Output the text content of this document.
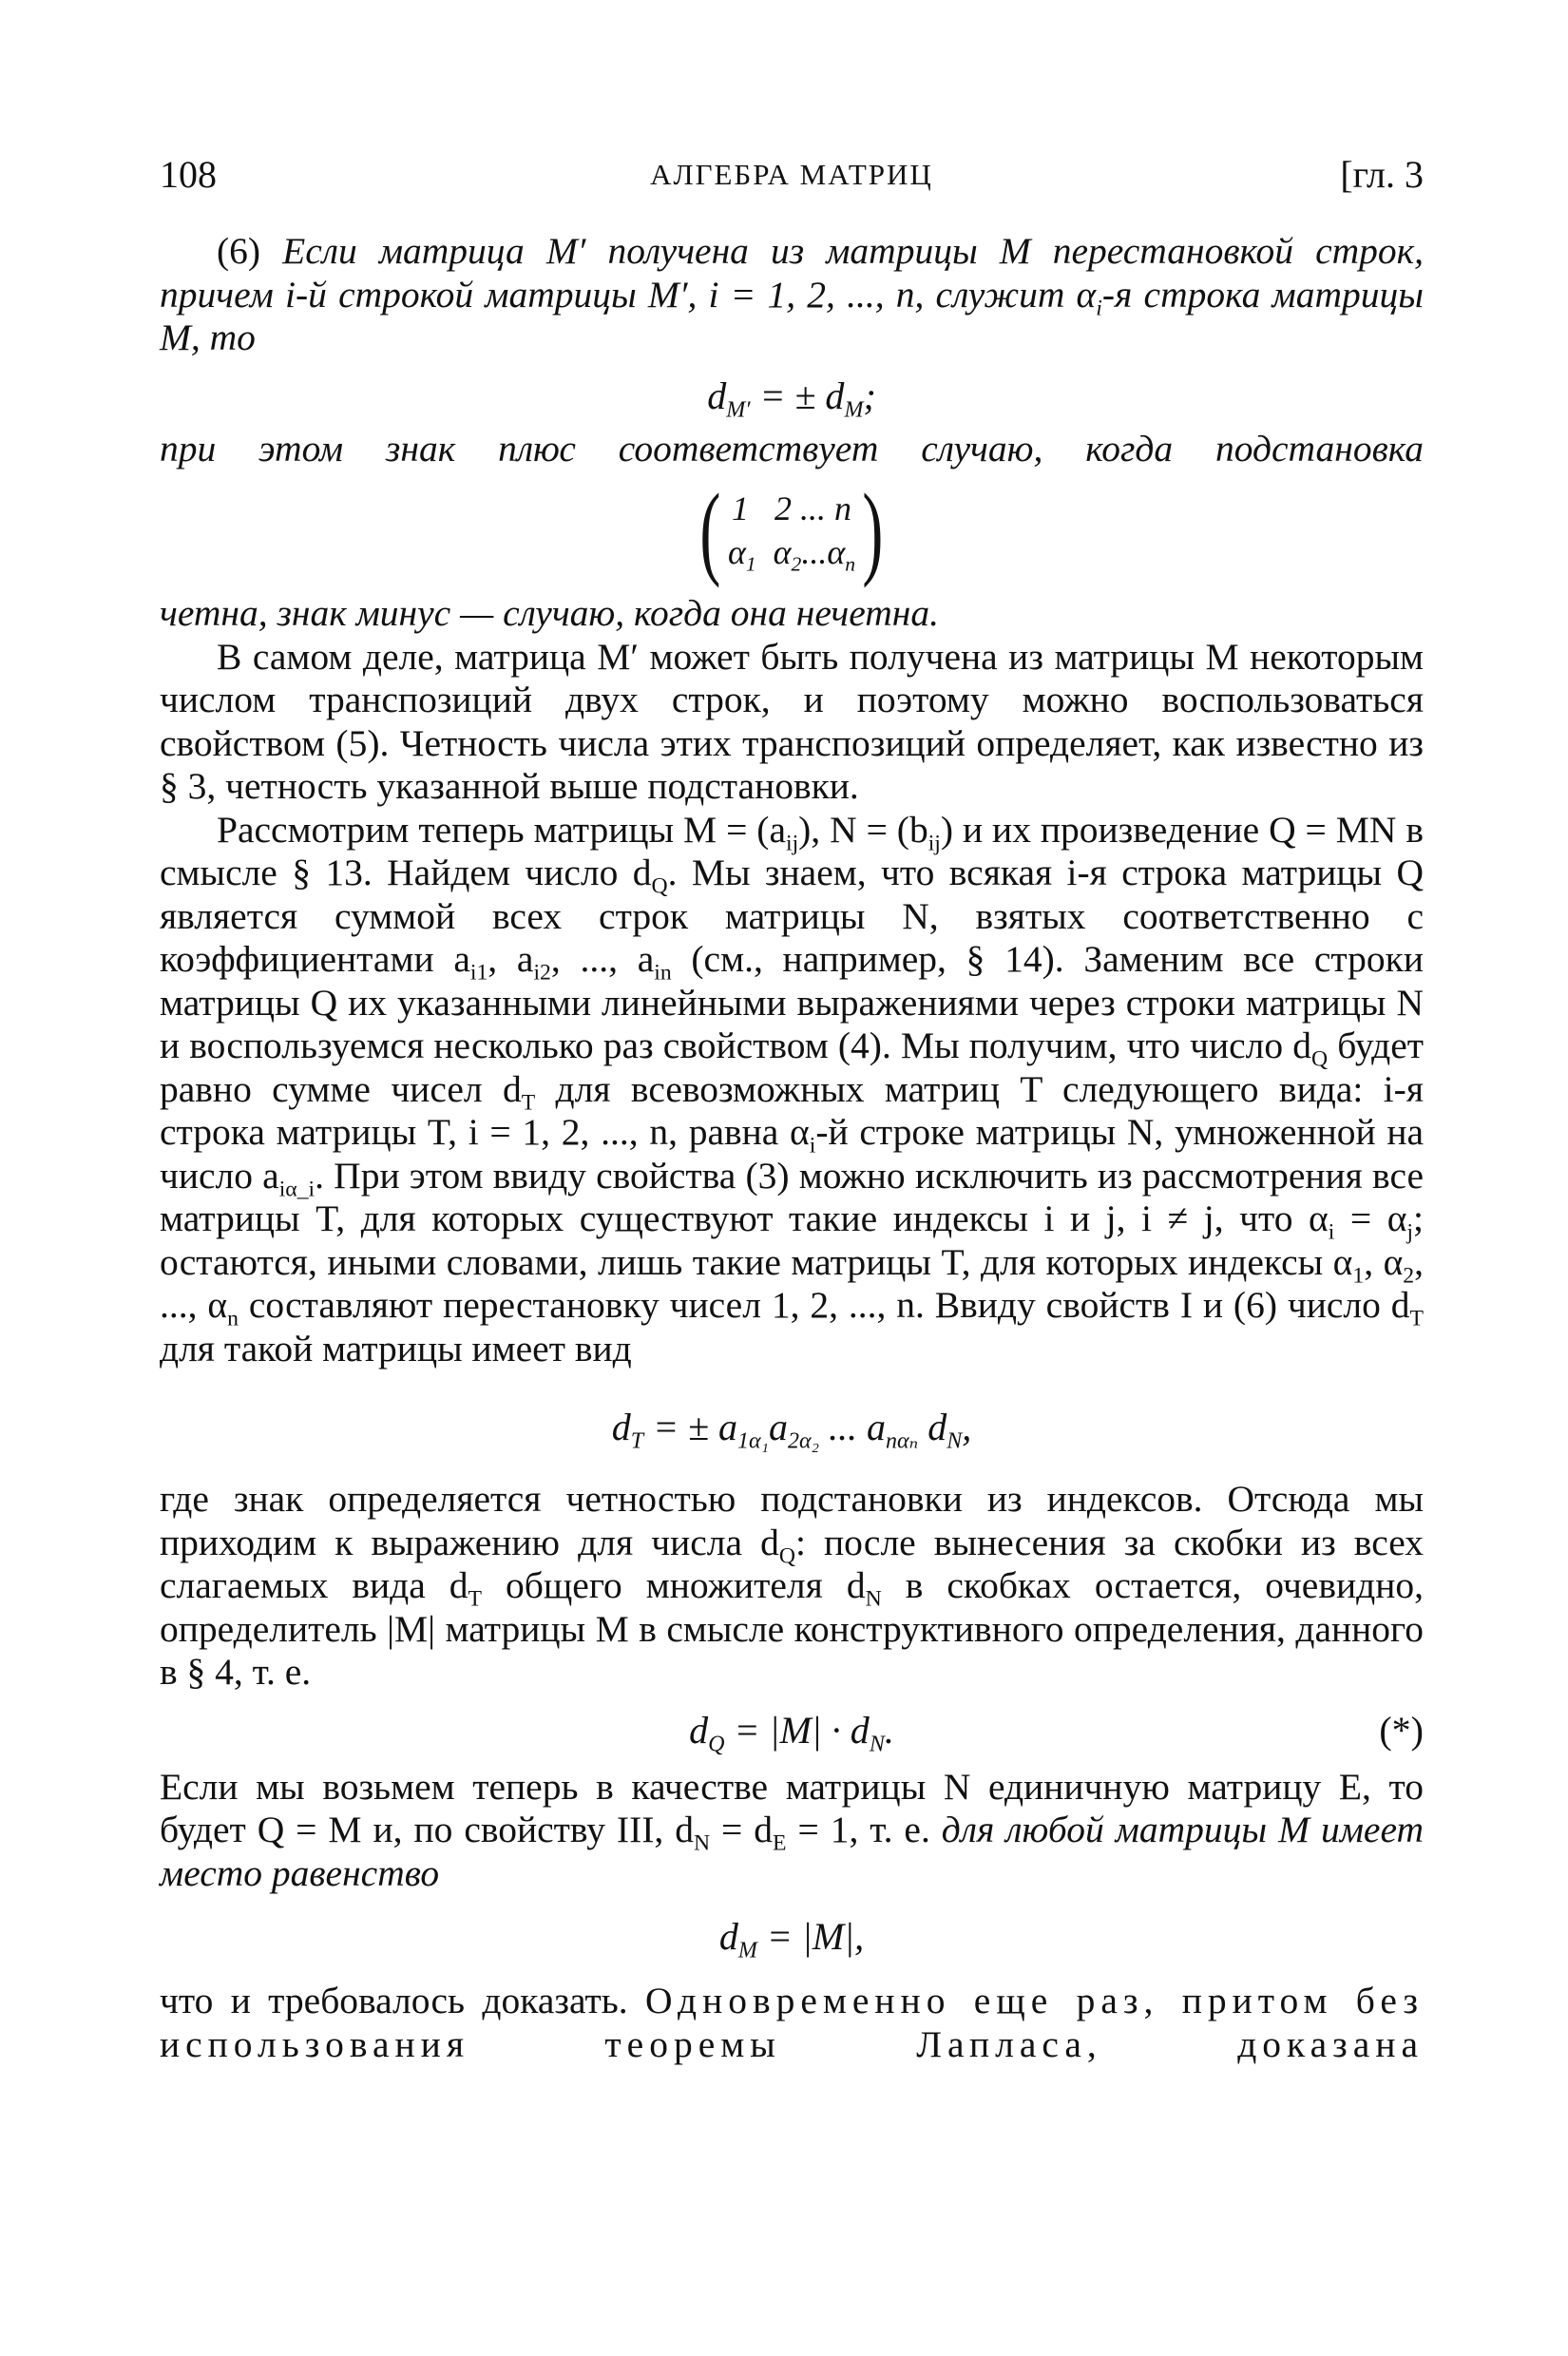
108	АЛГЕБРА МАТРИЦ	[гл. 3

(6) Если матрица M′ получена из матрицы M перестановкой строк, причем i-й строкой матрицы M′, i = 1, 2, ..., n, служит $\alpha_i-я$ строка матрицы M, то

$d_{M'}$ = ± $d_M$;

при этом знак плюс соответствует случаю, когда подстановка

( 1   2 ... n
$\alpha_1$  $\alpha_2...\alpha_n$ )

четна, знак минус — случаю, когда она нечетна.

В самом деле, матрица M′ может быть получена из матрицы M некоторым числом транспозиций двух строк, и поэтому можно воспользоваться свойством (5). Четность числа этих транспозиций определяет, как известно из § 3, четность указанной выше подстановки.

Рассмотрим теперь матрицы $M = (a_{ij})$, $N = (b_{ij})$ и их произведение Q = MN в смысле § 13. Найдем число $d_Q$. Мы знаем, что всякая i-я строка матрицы Q является суммой всех строк матрицы N, взятых соответственно с коэффициентами $a_{i1}$, $a_{i2}$, ..., $a_{in}$ (см., например, § 14). Заменим все строки матрицы Q их указанными линейными выражениями через строки матрицы N и воспользуемся несколько раз свойством (4). Мы получим, что число $d_Q$ будет равно сумме чисел $d_T$ для всевозможных матриц T следующего вида: i-я строка матрицы T, i = 1, 2, ..., n, равна $\alpha_i-й$ строке матрицы N, умноженной на число $a_{i\alpha\_i}$. При этом ввиду свойства (3) можно исключить из рассмотрения все матрицы T, для которых существуют такие индексы i и j, i ≠ j, что $\alpha_i = \alpha_j$; остаются, иными словами, лишь такие матрицы T, для которых индексы $\alpha_1$, $\alpha_2$, ..., $\alpha_n$ составляют перестановку чисел 1, 2, ..., n. Ввиду свойств I и (6) число $d_T$ для такой матрицы имеет вид

$d_T$ = ± $a_{1\alpha_1}a_{2\alpha_2}$ ... $a_{n\alpha_n}$ $d_N$,

где знак определяется четностью подстановки из индексов. Отсюда мы приходим к выражению для числа $d_Q$: после вынесения за скобки из всех слагаемых вида $d_T$ общего множителя $d_N$ в скобках остается, очевидно, определитель |M| матрицы M в смысле конструктивного определения, данного в § 4, т. е.

$d_Q = |M| \cdot d_N$.	(*)

Если мы возьмем теперь в качестве матрицы N единичную матрицу E, то будет Q = M и, по свойству III, $d_N = d_E = 1$, т. е. для любой матрицы M имеет место равенство

$d_M = |M|$,

что и требовалось доказать. Одновременно еще раз, притом без использования теоремы Лапласа, доказана
